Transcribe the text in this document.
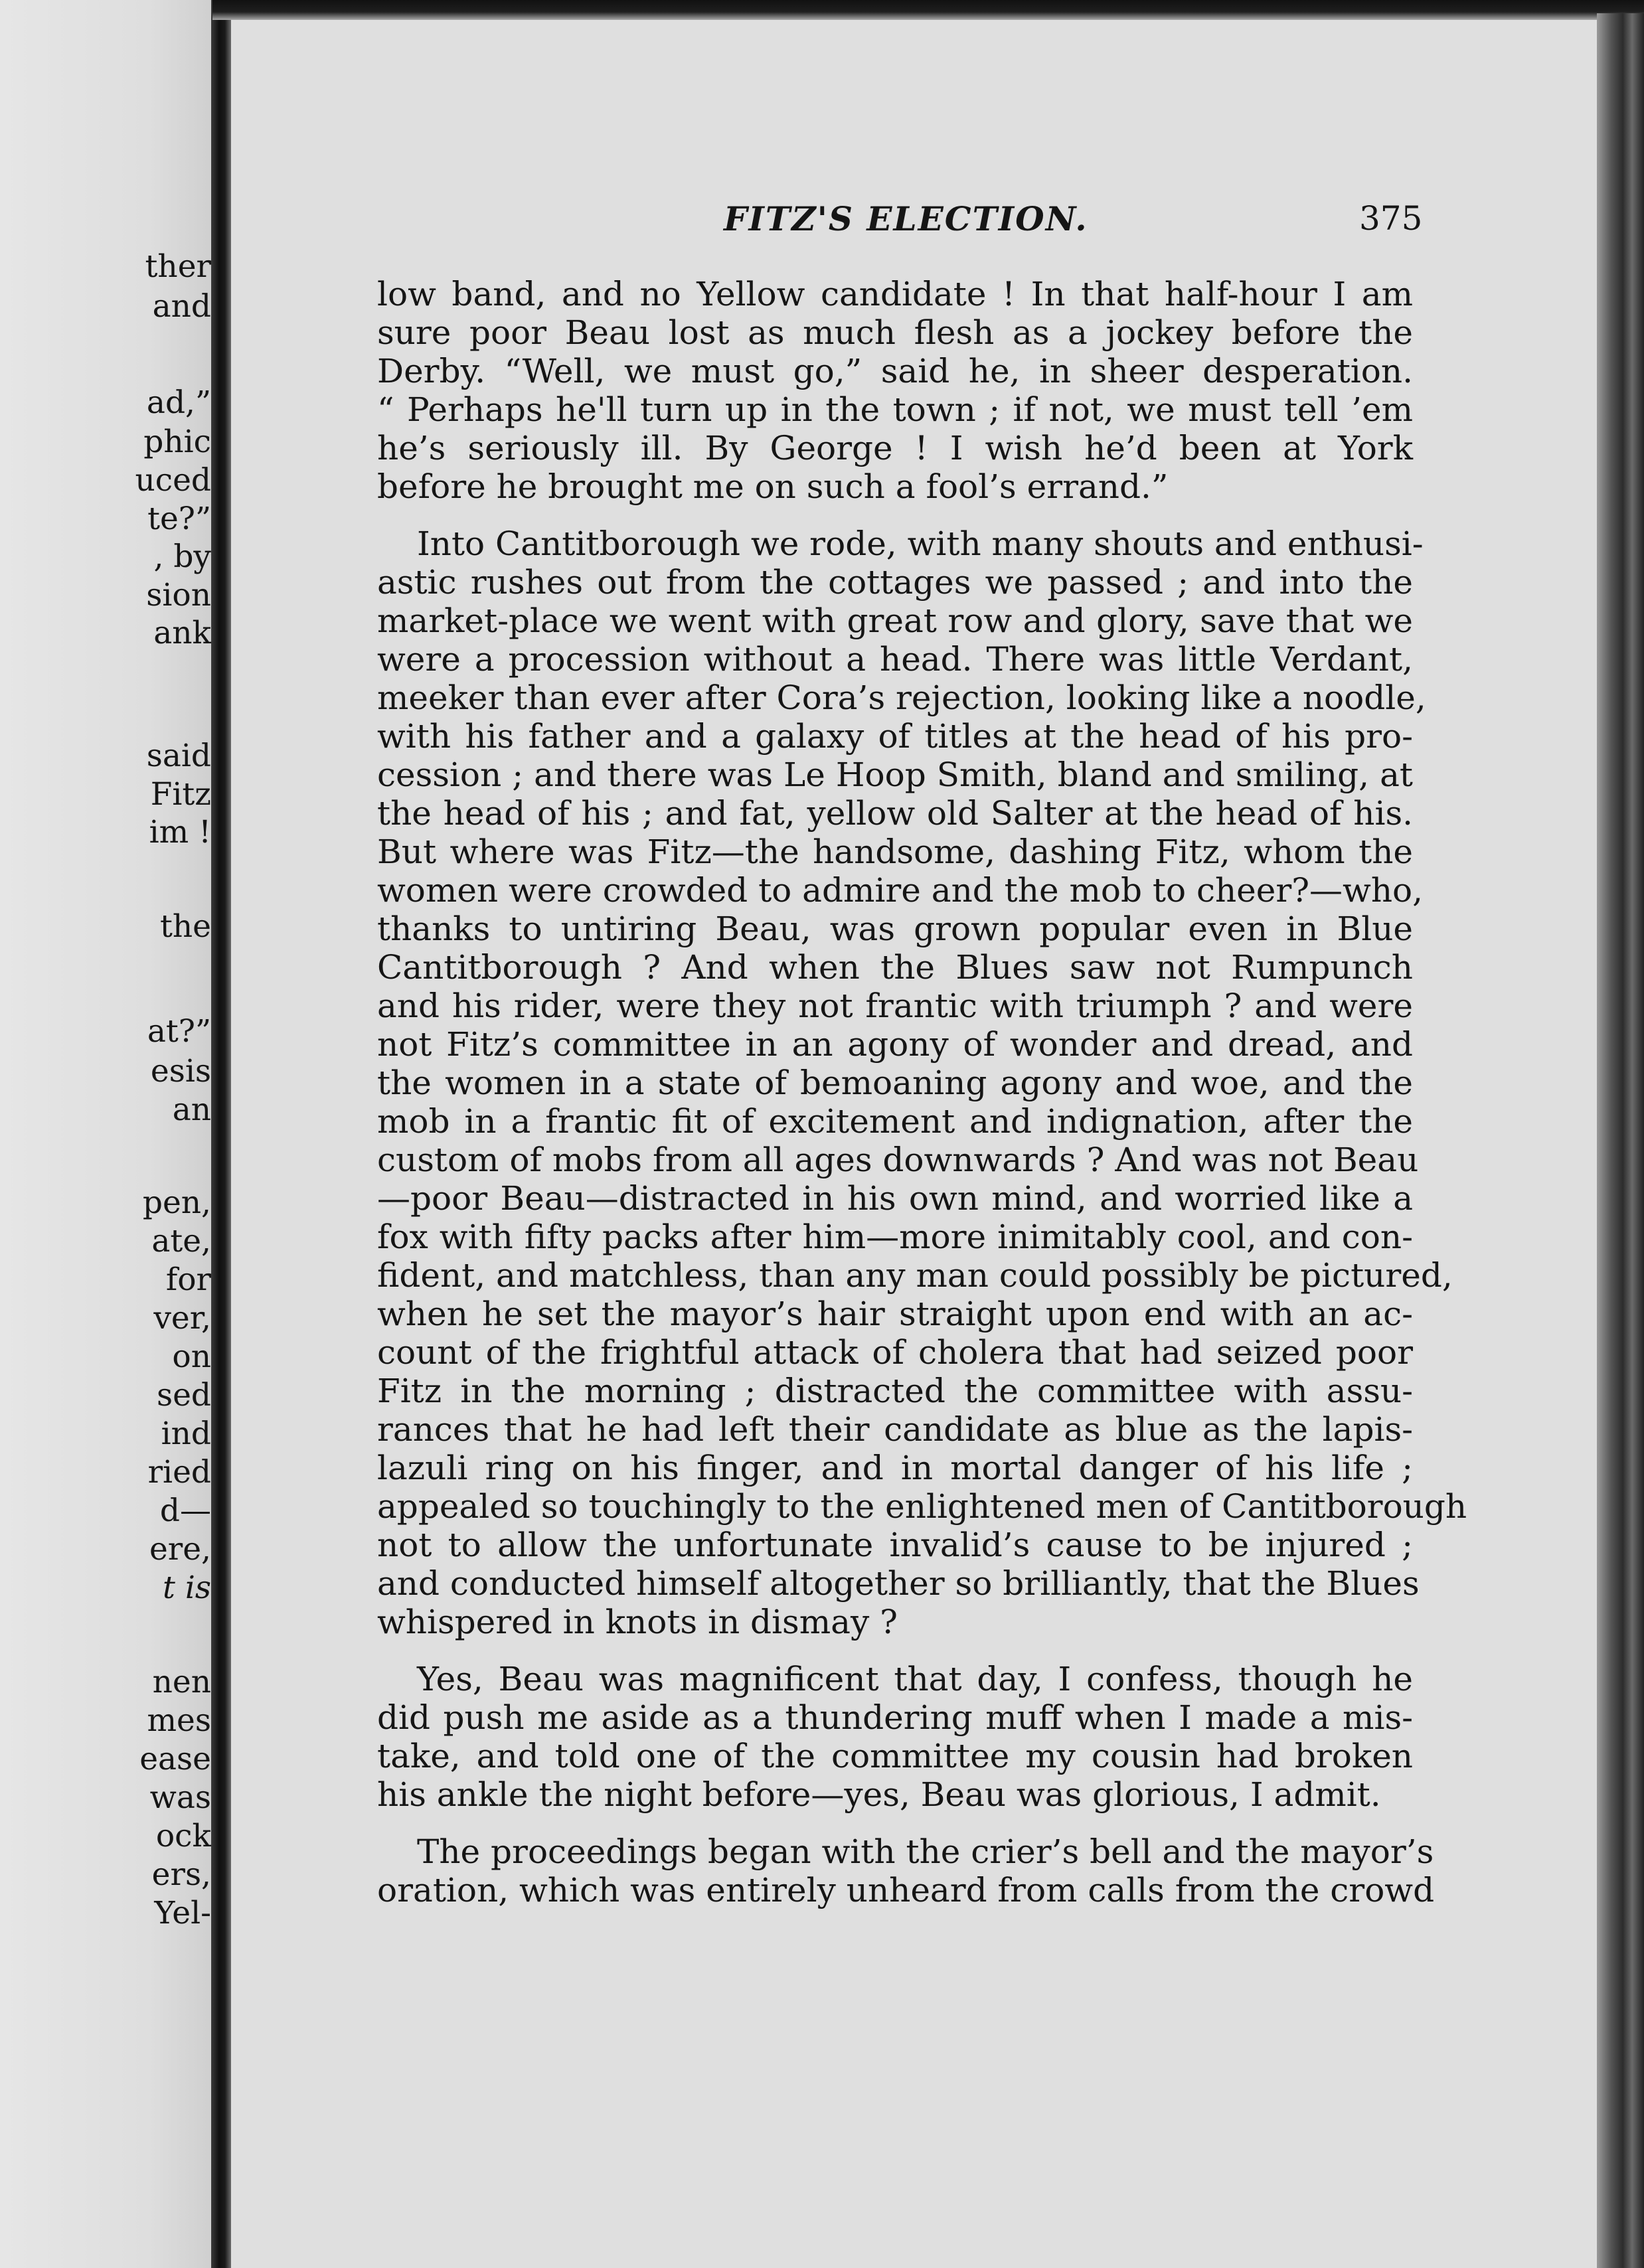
ther
and
ad,”
phic
uced
te?”
, by
sion
ank
said
Fitz
im !
the
at?”
esis
an
pen,
ate,
for
ver,
on
sed
ind
ried
d—
ere,
t is
nen
mes
ease
was
ock
ers,
Yel-
FITZ'S ELECTION.	375
low band, and no Yellow candidate ! In that half-hour I am
sure poor Beau lost as much flesh as a jockey before the
Derby. “Well, we must go,” said he, in sheer desperation.
“ Perhaps he'll turn up in the town ; if not, we must tell ’em
he’s seriously ill. By George ! I wish he’d been at York
before he brought me on such a fool’s errand.”
Into Cantitborough we rode, with many shouts and enthusi-
astic rushes out from the cottages we passed ; and into the
market-place we went with great row and glory, save that we
were a procession without a head. There was little Verdant,
meeker than ever after Cora’s rejection, looking like a noodle,
with his father and a galaxy of titles at the head of his pro-
cession ; and there was Le Hoop Smith, bland and smiling, at
the head of his ; and fat, yellow old Salter at the head of his.
But where was Fitz—the handsome, dashing Fitz, whom the
women were crowded to admire and the mob to cheer?—who,
thanks to untiring Beau, was grown popular even in Blue
Cantitborough ? And when the Blues saw not Rumpunch
and his rider, were they not frantic with triumph ? and were
not Fitz’s committee in an agony of wonder and dread, and
the women in a state of bemoaning agony and woe, and the
mob in a frantic fit of excitement and indignation, after the
custom of mobs from all ages downwards ? And was not Beau
—poor Beau—distracted in his own mind, and worried like a
fox with fifty packs after him—more inimitably cool, and con-
fident, and matchless, than any man could possibly be pictured,
when he set the mayor’s hair straight upon end with an ac-
count of the frightful attack of cholera that had seized poor
Fitz in the morning ; distracted the committee with assu-
rances that he had left their candidate as blue as the lapis-
lazuli ring on his finger, and in mortal danger of his life ;
appealed so touchingly to the enlightened men of Cantitborough
not to allow the unfortunate invalid’s cause to be injured ;
and conducted himself altogether so brilliantly, that the Blues
whispered in knots in dismay ?
Yes, Beau was magnificent that day, I confess, though he
did push me aside as a thundering muff when I made a mis-
take, and told one of the committee my cousin had broken
his ankle the night before—yes, Beau was glorious, I admit.
The proceedings began with the crier’s bell and the mayor’s
oration, which was entirely unheard from calls from the crowd
